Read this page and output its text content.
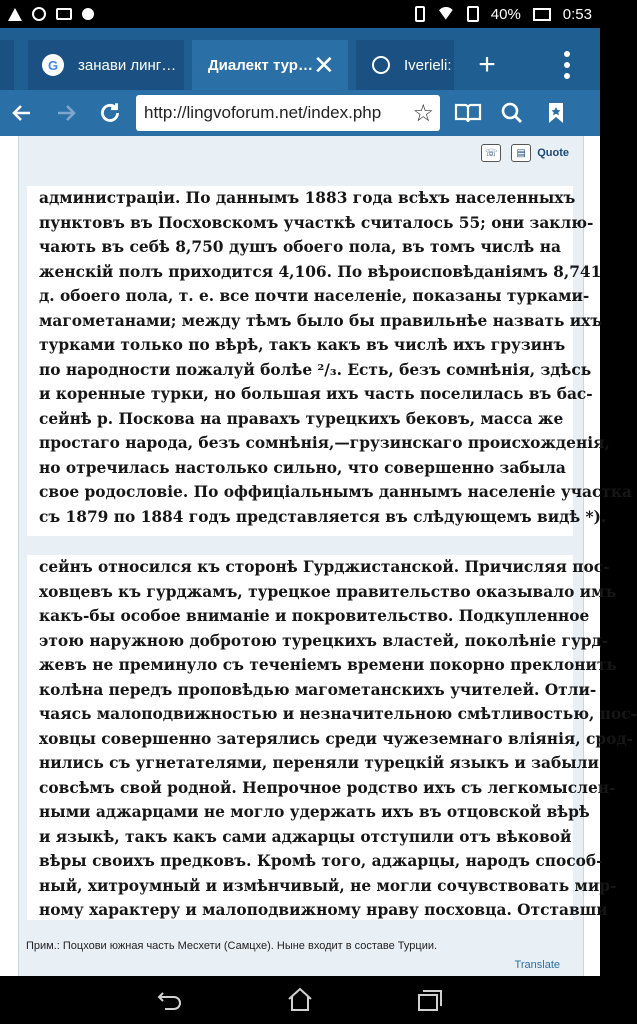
40%	0:53
G	занави линг… Диалект тур… ✕	Iverieli: +
http://lingvoforum.net/index.php ☆
☏	▤	Quote

администрацiи. По даннымъ 1883 года всѣхъ населенныхъ

пунктовъ въ Посховскомъ участкѣ считалось 55; они заклю-

чають въ себѣ 8,750 душъ обоего пола, въ томъ числѣ на

женскiй полъ приходится 4,106. По вѣроисповѣданiямъ 8,741

д. обоего пола, т. е. все почти населенiе, показаны турками-

магометанами; между тѣмъ было бы правильнѣе назвать ихъ

турками только по вѣрѣ, такъ какъ въ числѣ ихъ грузинъ

по народности пожалуй болѣе ²/₃. Есть, безъ сомнѣнiя, здѣсь

и коренные турки, но большая ихъ часть поселилась въ бас-

сейнѣ р. Поскова на правахъ турецкихъ бековъ, масса же

простаго народа, безъ сомнѣнiя,—грузинскаго происхожденiя,

но отречилась настолько сильно, что совершенно забыла

свое родословiе. По оффицiальнымъ даннымъ населенiе участка

съ 1879 по 1884 годъ представляется въ слѣдующемъ видѣ *).

сейнъ относился къ сторонѣ Гурджистанской. Причисляя пос-

ховцевъ къ гурджамъ, турецкое правительство оказывало имъ

какъ-бы особое вниманiе и покровительство. Подкупленное

этою наружною добротою турецкихъ властей, поколѣнiе гурд-

жевъ не преминуло съ теченiемъ времени покорно преклонить

колѣна передъ проповѣдью магометанскихъ учителей. Отли-

чаясь малоподвижностью и незначительною смѣтливостью, пос-

ховцы совершенно затерялись среди чужеземнаго влiянiя, срод-

нились съ угнетателями, переняли турецкiй языкъ и забыли

совсѣмъ свой родной. Непрочное родство ихъ съ легкомыслен-

ными аджарцами не могло удержать ихъ въ отцовской вѣрѣ

и языкѣ, такъ какъ сами аджарцы отступили отъ вѣковой

вѣры своихъ предковъ. Кромѣ того, аджарцы, народъ способ-

ный, хитроумный и измѣнчивый, не могли сочувствовать мир-

ному характеру и малоподвижному нраву посховца. Отставши

Прим.: Поцхови южная часть Месхети (Самцхе). Ныне входит в составе Турции.
Translate
